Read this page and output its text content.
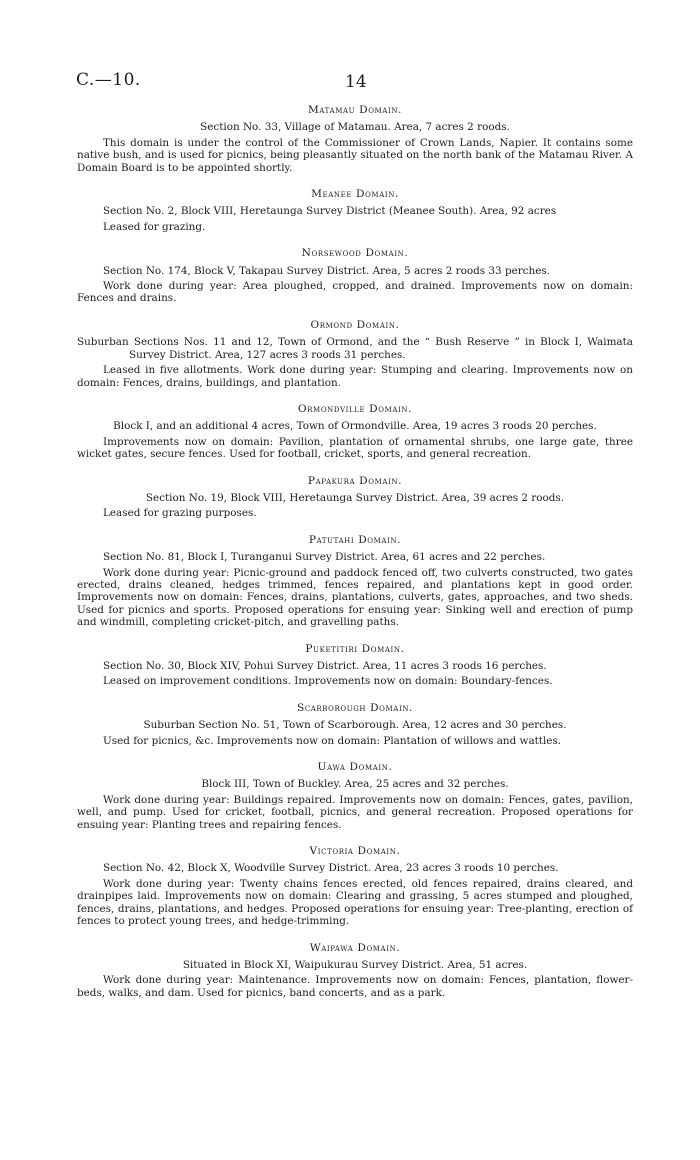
C.—10.	14
Matamau Domain.

Section No. 33, Village of Matamau. Area, 7 acres 2 roods.

This domain is under the control of the Commissioner of Crown Lands, Napier. It contains some native bush, and is used for picnics, being pleasantly situated on the north bank of the Matamau River. A Domain Board is to be appointed shortly.

Meanee Domain.

Section No. 2, Block VIII, Heretaunga Survey District (Meanee South). Area, 92 acres

Leased for grazing.

Norsewood Domain.

Section No. 174, Block V, Takapau Survey District. Area, 5 acres 2 roods 33 perches.

Work done during year: Area ploughed, cropped, and drained. Improvements now on domain: Fences and drains.

Ormond Domain.

Suburban Sections Nos. 11 and 12, Town of Ormond, and the “ Bush Reserve ” in Block I, Waimata Survey District. Area, 127 acres 3 roods 31 perches.

Leased in five allotments. Work done during year: Stumping and clearing. Improvements now on domain: Fences, drains, buildings, and plantation.

Ormondville Domain.

Block I, and an additional 4 acres, Town of Ormondville. Area, 19 acres 3 roods 20 perches.

Improvements now on domain: Pavilion, plantation of ornamental shrubs, one large gate, three wicket gates, secure fences. Used for football, cricket, sports, and general recreation.

Papakura Domain.

Section No. 19, Block VIII, Heretaunga Survey District. Area, 39 acres 2 roods.

Leased for grazing purposes.

Patutahi Domain.

Section No. 81, Block I, Turanganui Survey District. Area, 61 acres and 22 perches.

Work done during year: Picnic-ground and paddock fenced off, two culverts constructed, two gates erected, drains cleaned, hedges trimmed, fences repaired, and plantations kept in good order. Improvements now on domain: Fences, drains, plantations, culverts, gates, approaches, and two sheds. Used for picnics and sports. Proposed operations for ensuing year: Sinking well and erection of pump and windmill, completing cricket-pitch, and gravelling paths.

Puketitiri Domain.

Section No. 30, Block XIV, Pohui Survey District. Area, 11 acres 3 roods 16 perches.

Leased on improvement conditions. Improvements now on domain: Boundary-fences.

Scarborough Domain.

Suburban Section No. 51, Town of Scarborough. Area, 12 acres and 30 perches.

Used for picnics, &c. Improvements now on domain: Plantation of willows and wattles.

Uawa Domain.

Block III, Town of Buckley. Area, 25 acres and 32 perches.

Work done during year: Buildings repaired. Improvements now on domain: Fences, gates, pavilion, well, and pump. Used for cricket, football, picnics, and general recreation. Proposed operations for ensuing year: Planting trees and repairing fences.

Victoria Domain.

Section No. 42, Block X, Woodville Survey District. Area, 23 acres 3 roods 10 perches.

Work done during year: Twenty chains fences erected, old fences repaired, drains cleared, and drainpipes laid. Improvements now on domain: Clearing and grassing, 5 acres stumped and ploughed, fences, drains, plantations, and hedges. Proposed operations for ensuing year: Tree-planting, erection of fences to protect young trees, and hedge-trimming.

Waipawa Domain.

Situated in Block XI, Waipukurau Survey District. Area, 51 acres.

Work done during year: Maintenance. Improvements now on domain: Fences, plantation, flower-beds, walks, and dam. Used for picnics, band concerts, and as a park.
